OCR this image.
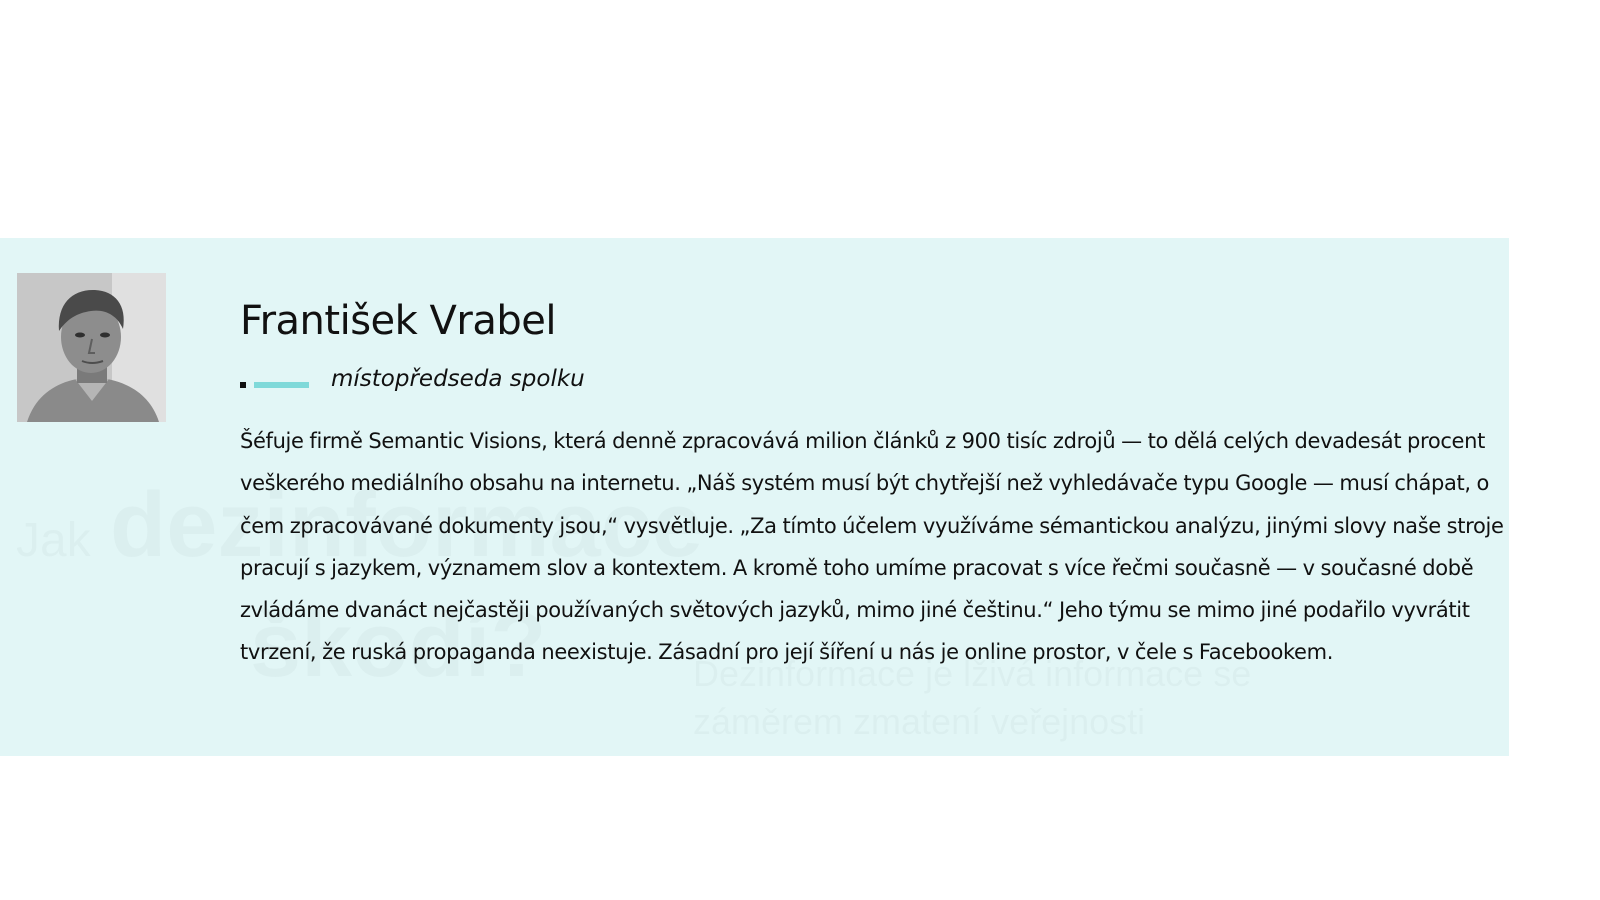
František Vrabel
místopředseda spolku

Šéfuje firmě Semantic Visions, která denně zpracovává milion článků z 900 tisíc zdrojů — to dělá celých devadesát procent veškerého mediálního obsahu na internetu. „Náš systém musí být chytřejší než vyhledávače typu Google — musí chápat, o čem zpracovávané dokumenty jsou,“ vysvětluje. „Za tímto účelem využíváme sémantickou analýzu, jinými slovy naše stroje pracují s jazykem, významem slov a kontextem. A kromě toho umíme pracovat s více řečmi současně — v současné době zvládáme dvanáct nejčastěji používaných světových jazyků, mimo jiné češtinu.“ Jeho týmu se mimo jiné podařilo vyvrátit tvrzení, že ruská propaganda neexistuje. Zásadní pro její šíření u nás je online prostor, v čele s Facebookem.
